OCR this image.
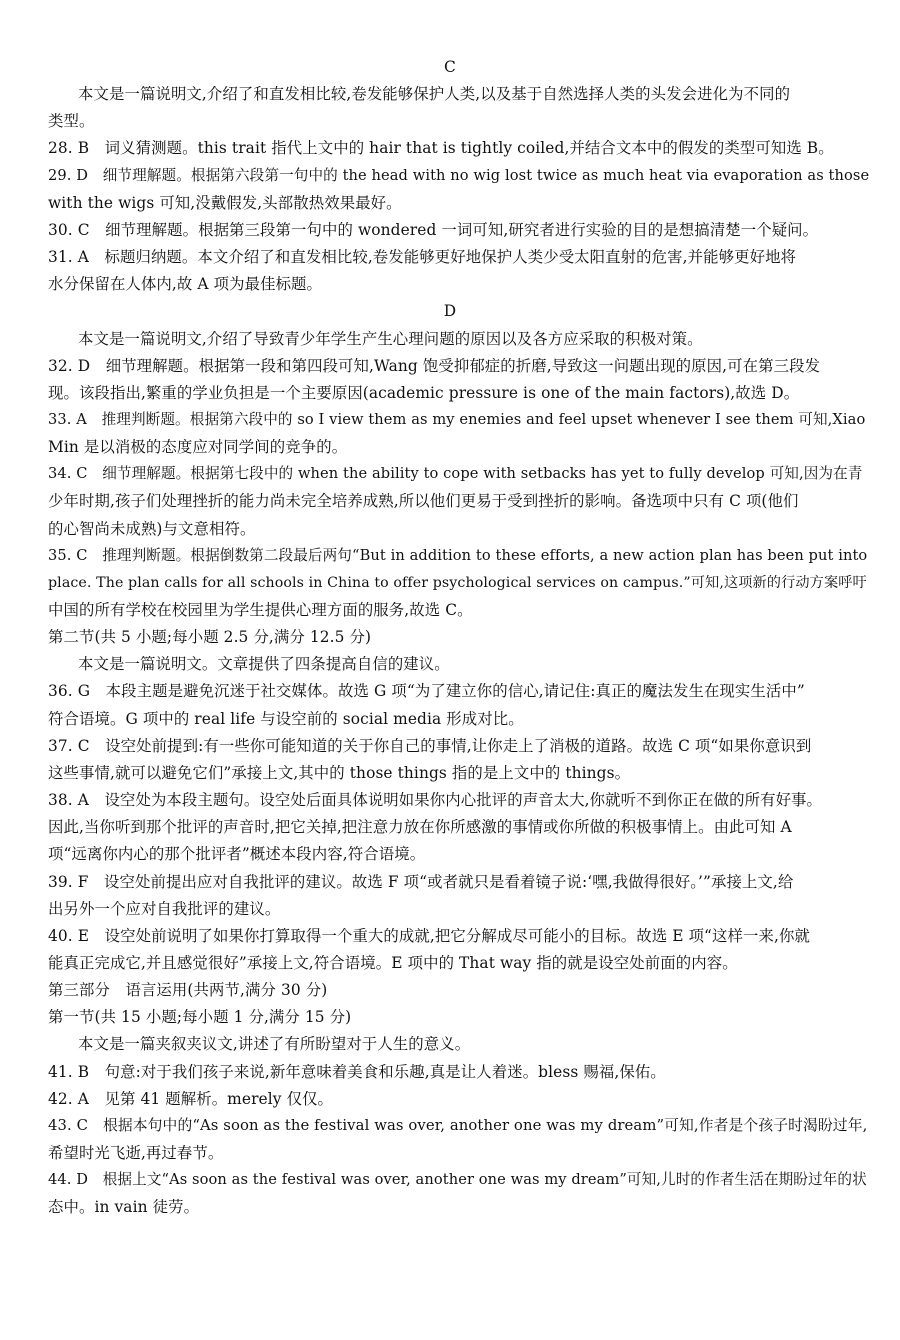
C
本文是一篇说明文,介绍了和直发相比较,卷发能够保护人类,以及基于自然选择人类的头发会进化为不同的
类型。
28. B　词义猜测题。this trait 指代上文中的 hair that is tightly coiled,并结合文本中的假发的类型可知选 B。
29. D　细节理解题。根据第六段第一句中的 the head with no wig lost twice as much heat via evaporation as those
with the wigs 可知,没戴假发,头部散热效果最好。
30. C　细节理解题。根据第三段第一句中的 wondered 一词可知,研究者进行实验的目的是想搞清楚一个疑问。
31. A　标题归纳题。本文介绍了和直发相比较,卷发能够更好地保护人类少受太阳直射的危害,并能够更好地将
水分保留在人体内,故 A 项为最佳标题。
D
本文是一篇说明文,介绍了导致青少年学生产生心理问题的原因以及各方应采取的积极对策。
32. D　细节理解题。根据第一段和第四段可知,Wang 饱受抑郁症的折磨,导致这一问题出现的原因,可在第三段发
现。该段指出,繁重的学业负担是一个主要原因(academic pressure is one of the main factors),故选 D。
33. A　推理判断题。根据第六段中的 so I view them as my enemies and feel upset whenever I see them 可知,Xiao
Min 是以消极的态度应对同学间的竞争的。
34. C　细节理解题。根据第七段中的 when the ability to cope with setbacks has yet to fully develop 可知,因为在青
少年时期,孩子们处理挫折的能力尚未完全培养成熟,所以他们更易于受到挫折的影响。备选项中只有 C 项(他们
的心智尚未成熟)与文意相符。
35. C　推理判断题。根据倒数第二段最后两句“But in addition to these efforts, a new action plan has been put into
place. The plan calls for all schools in China to offer psychological services on campus.”可知,这项新的行动方案呼吁
中国的所有学校在校园里为学生提供心理方面的服务,故选 C。
第二节(共 5 小题;每小题 2.5 分,满分 12.5 分)
本文是一篇说明文。文章提供了四条提高自信的建议。
36. G　本段主题是避免沉迷于社交媒体。故选 G 项“为了建立你的信心,请记住:真正的魔法发生在现实生活中”
符合语境。G 项中的 real life 与设空前的 social media 形成对比。
37. C　设空处前提到:有一些你可能知道的关于你自己的事情,让你走上了消极的道路。故选 C 项“如果你意识到
这些事情,就可以避免它们”承接上文,其中的 those things 指的是上文中的 things。
38. A　设空处为本段主题句。设空处后面具体说明如果你内心批评的声音太大,你就听不到你正在做的所有好事。
因此,当你听到那个批评的声音时,把它关掉,把注意力放在你所感激的事情或你所做的积极事情上。由此可知 A
项“远离你内心的那个批评者”概述本段内容,符合语境。
39. F　设空处前提出应对自我批评的建议。故选 F 项“或者就只是看着镜子说:‘嘿,我做得很好。’”承接上文,给
出另外一个应对自我批评的建议。
40. E　设空处前说明了如果你打算取得一个重大的成就,把它分解成尽可能小的目标。故选 E 项“这样一来,你就
能真正完成它,并且感觉很好”承接上文,符合语境。E 项中的 That way 指的就是设空处前面的内容。
第三部分　语言运用(共两节,满分 30 分)
第一节(共 15 小题;每小题 1 分,满分 15 分)
本文是一篇夹叙夹议文,讲述了有所盼望对于人生的意义。
41. B　句意:对于我们孩子来说,新年意味着美食和乐趣,真是让人着迷。bless 赐福,保佑。
42. A　见第 41 题解析。merely 仅仅。
43. C　根据本句中的“As soon as the festival was over, another one was my dream”可知,作者是个孩子时渴盼过年,
希望时光飞逝,再过春节。
44. D　根据上文“As soon as the festival was over, another one was my dream”可知,儿时的作者生活在期盼过年的状
态中。in vain 徒劳。
